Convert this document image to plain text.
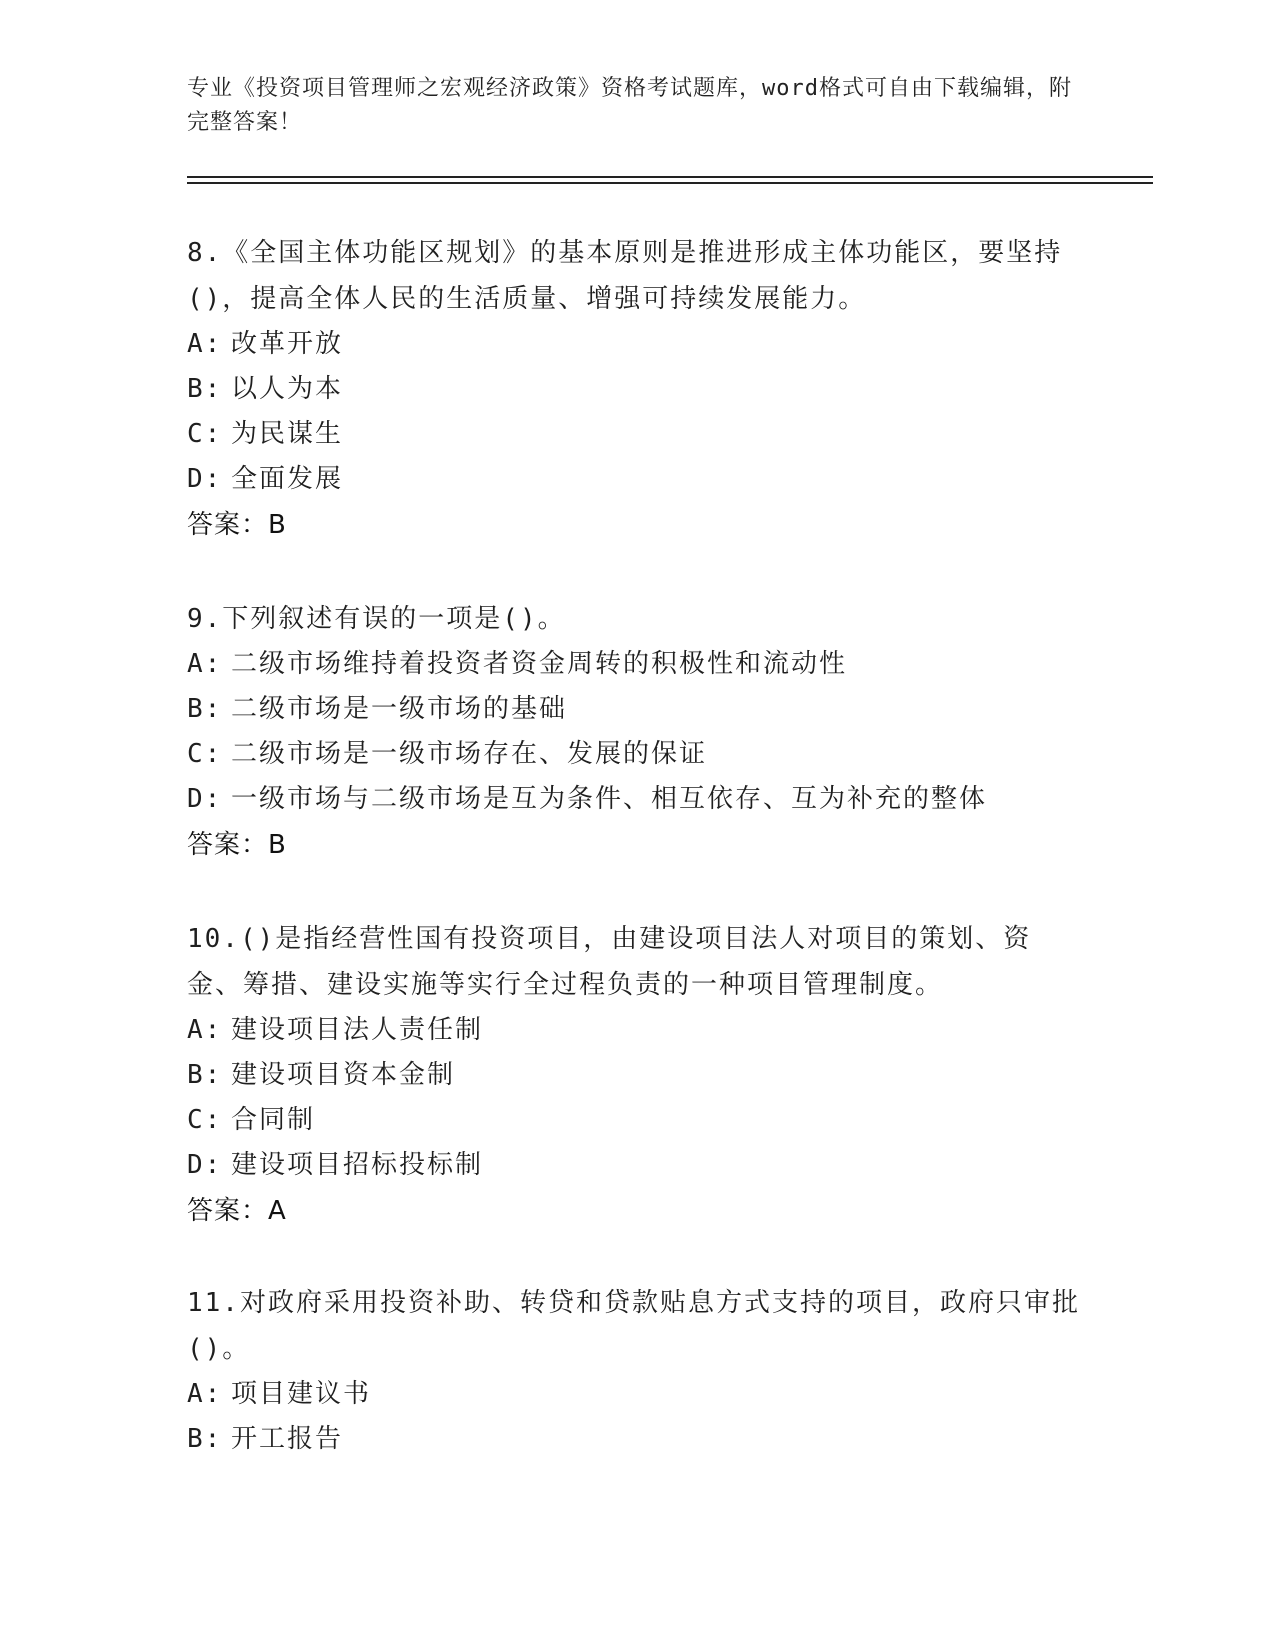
专业《投资项目管理师之宏观经济政策》资格考试题库，word格式可自由下载编辑，附完整答案！
8.《全国主体功能区规划》的基本原则是推进形成主体功能区，要坚持()，提高全体人民的生活质量、增强可持续发展能力。
A: 改革开放
B: 以人为本
C: 为民谋生
D: 全面发展
答案：B
9.下列叙述有误的一项是()。
A: 二级市场维持着投资者资金周转的积极性和流动性
B: 二级市场是一级市场的基础
C: 二级市场是一级市场存在、发展的保证
D: 一级市场与二级市场是互为条件、相互依存、互为补充的整体
答案：B
10.()是指经营性国有投资项目，由建设项目法人对项目的策划、资金、筹措、建设实施等实行全过程负责的一种项目管理制度。
A: 建设项目法人责任制
B: 建设项目资本金制
C: 合同制
D: 建设项目招标投标制
答案：A
11.对政府采用投资补助、转贷和贷款贴息方式支持的项目，政府只审批()。
A: 项目建议书
B: 开工报告
